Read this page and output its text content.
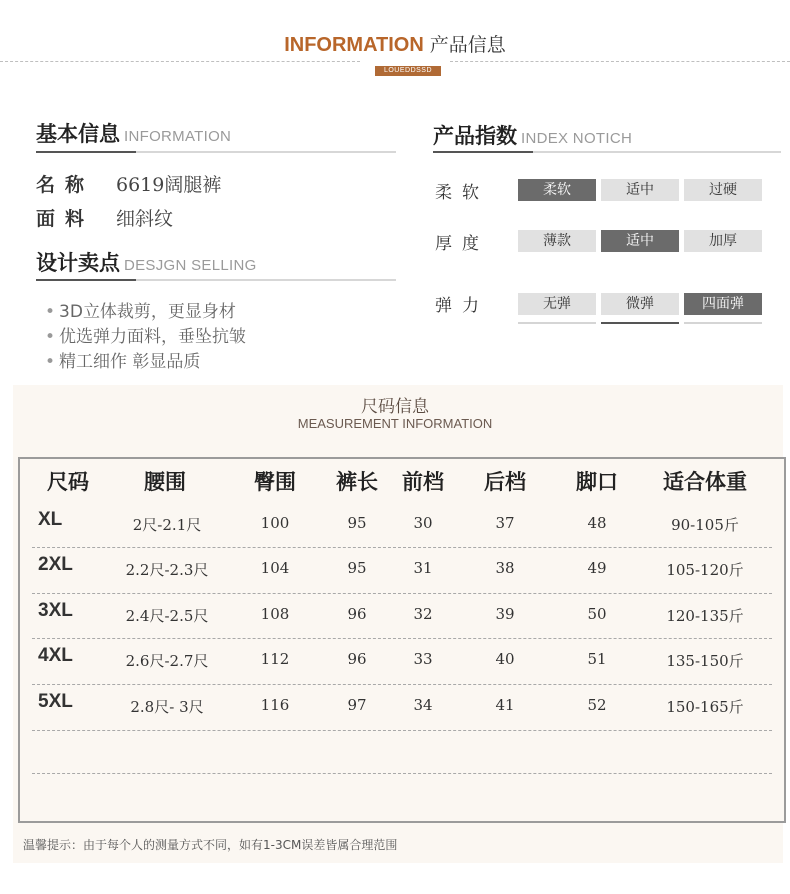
INFORMATION 产品信息
LOUEDDSSD
基本信息 INFORMATION
名称 6619阔腿裤
面料 细斜纹
设计卖点 DESJGN SELLING
• 3D立体裁剪，更显身材
• 优选弹力面料，垂坠抗皱
• 精工细作 彰显品质
产品指数 INDEX NOTICH
柔软	柔软	适中	过硬
厚度	薄款	适中	加厚
弹力	无弹	微弹	四面弹
尺码信息
MEASUREMENT INFORMATION
尺码	腰围	臀围	裤长	前档	后档	脚口	适合体重
XL	2尺-2.1尺	100	95	30	37	48	90-105斤
2XL	2.2尺-2.3尺	104	95	31	38	49	105-120斤
3XL	2.4尺-2.5尺	108	96	32	39	50	120-135斤
4XL	2.6尺-2.7尺	112	96	33	40	51	135-150斤
5XL	2.8尺- 3尺	116	97	34	41	52	150-165斤
温馨提示：由于每个人的测量方式不同，如有1-3CM误差皆属合理范围
